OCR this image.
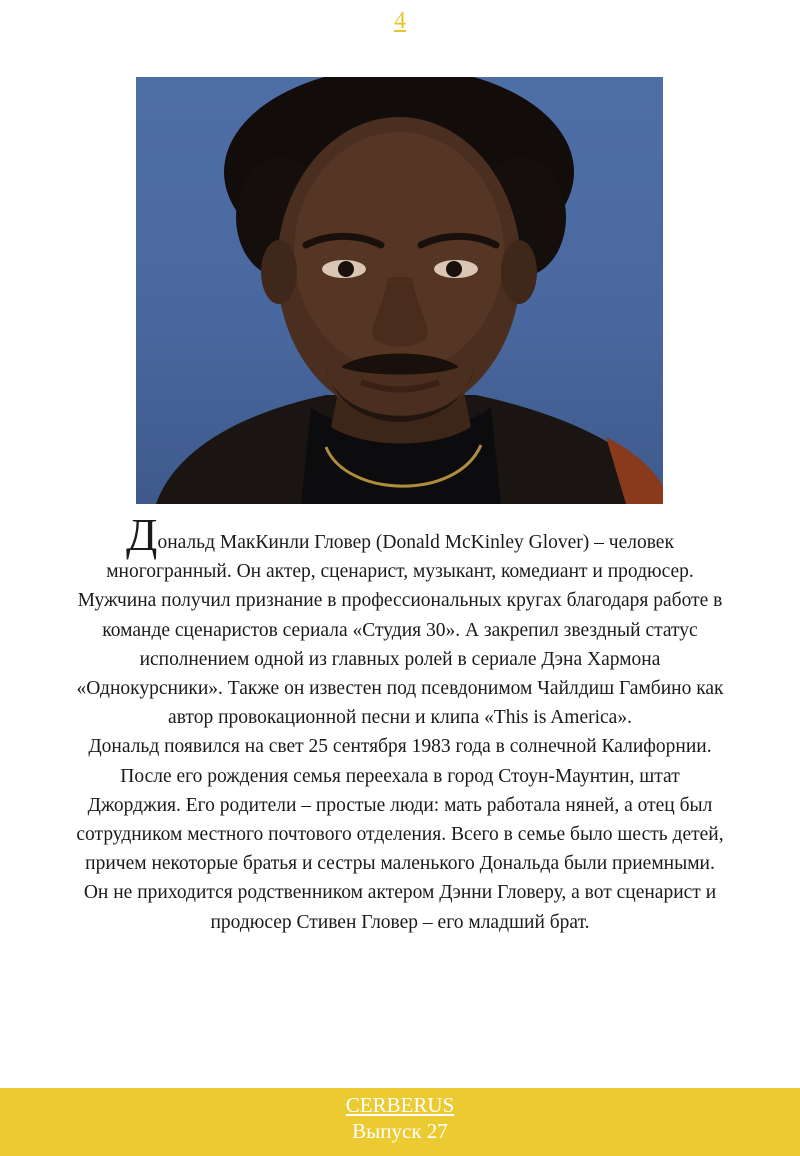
4

Дональд МакКинли Гловер (Donald McKinley Glover) – человек многогранный. Он актер, сценарист, музыкант, комедиант и продюсер. Мужчина получил признание в профессиональных кругах благодаря работе в команде сценаристов сериала «Студия 30». А закрепил звездный статус исполнением одной из главных ролей в сериале Дэна Хармона «Однокурсники». Также он известен под псевдонимом Чайлдиш Гамбино как автор провокационной песни и клипа «This is America».

Дональд появился на свет 25 сентября 1983 года в солнечной Калифорнии. После его рождения семья переехала в город Стоун-Маунтин, штат Джорджия. Его родители – простые люди: мать работала няней, а отец был сотрудником местного почтового отделения. Всего в семье было шесть детей, причем некоторые братья и сестры маленького Дональда были приемными. Он не приходится родственником актером Дэнни Гловеру, а вот сценарист и продюсер Стивен Гловер – его младший брат.

CERBERUS
Выпуск 27
